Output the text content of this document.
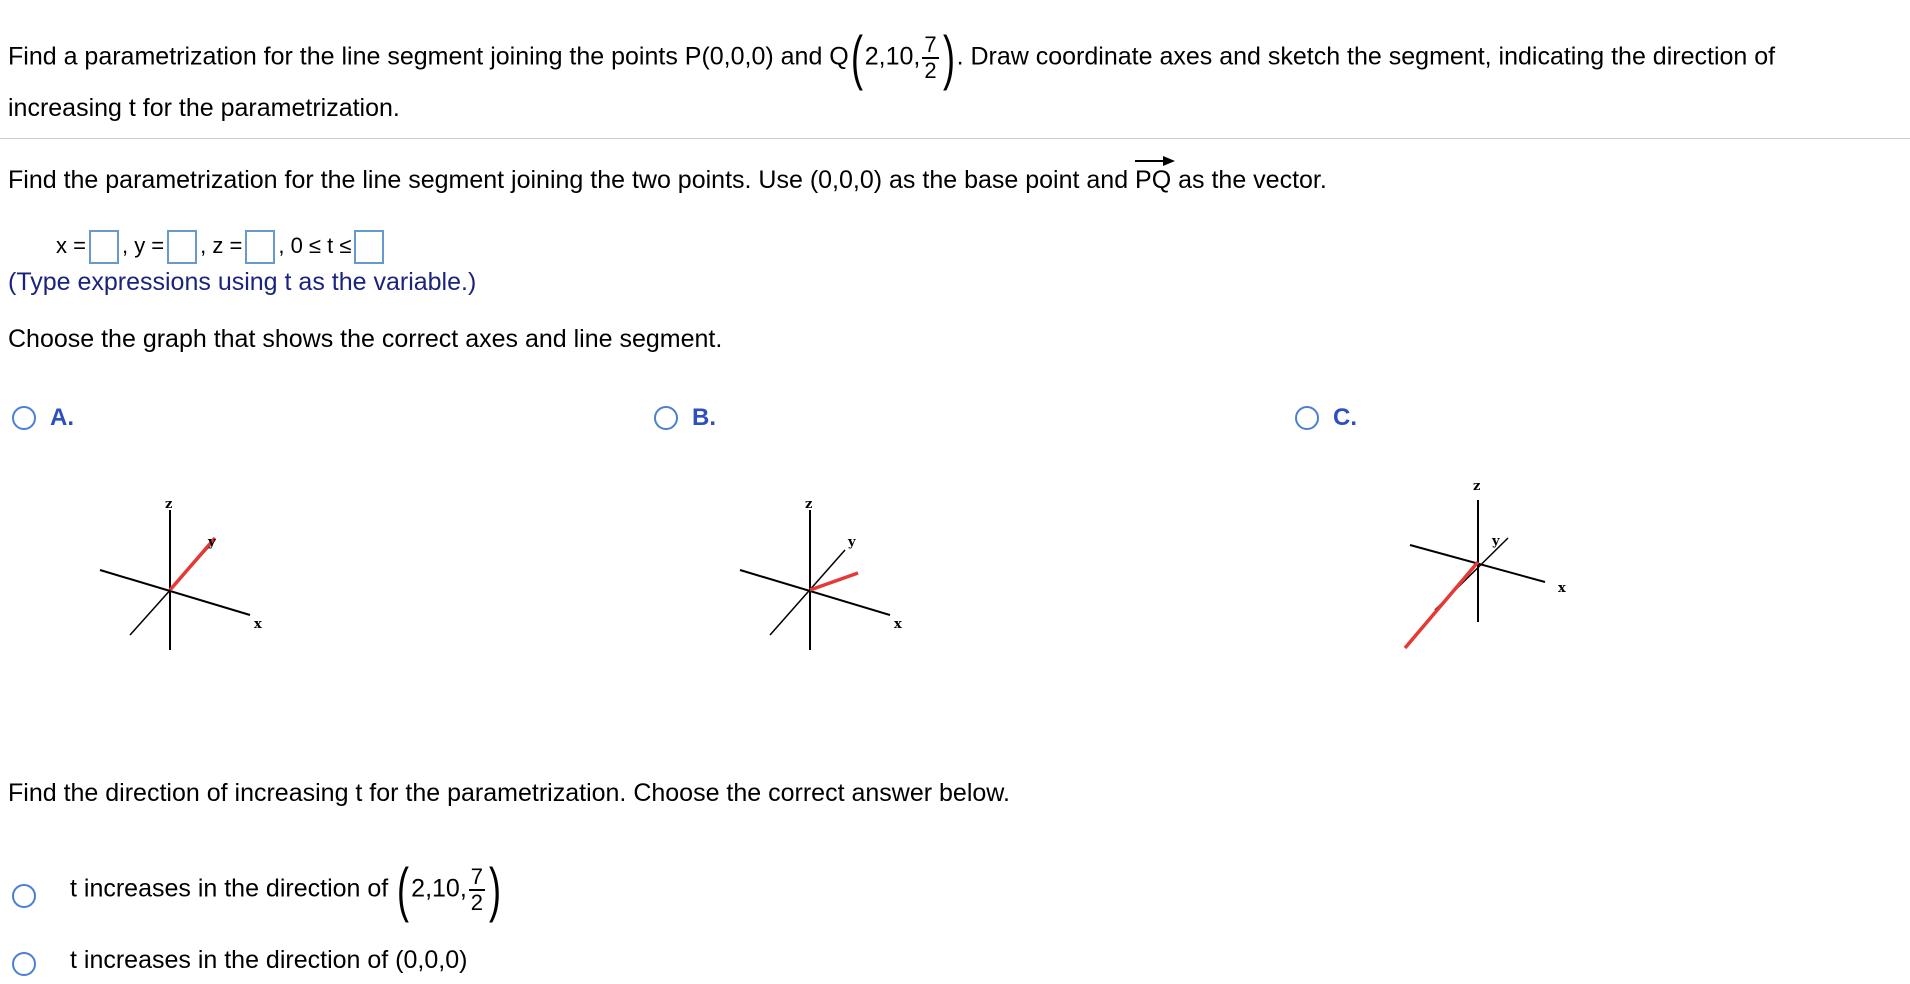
Find a parametrization for the line segment joining the points P(0,0,0) and Q(2,10, $\frac{7}{2}$ ). Draw coordinate axes and sketch the segment, indicating the direction of
increasing t for the parametrization.
Find the parametrization for the line segment joining the two points. Use (0,0,0) as the base point and
PQ as the vector.
x = , y = , z = , 0 ≤ t ≤
(Type expressions using t as the variable.)
Choose the graph that shows the correct axes and line segment.
A.
z
y
x
B.
z
y
x
C.
z
y
x
Find the direction of increasing t for the parametrization. Choose the correct answer below.
t increases in the direction of (2,10, $\frac{7}{2}$ )
t increases in the direction of (0,0,0)
